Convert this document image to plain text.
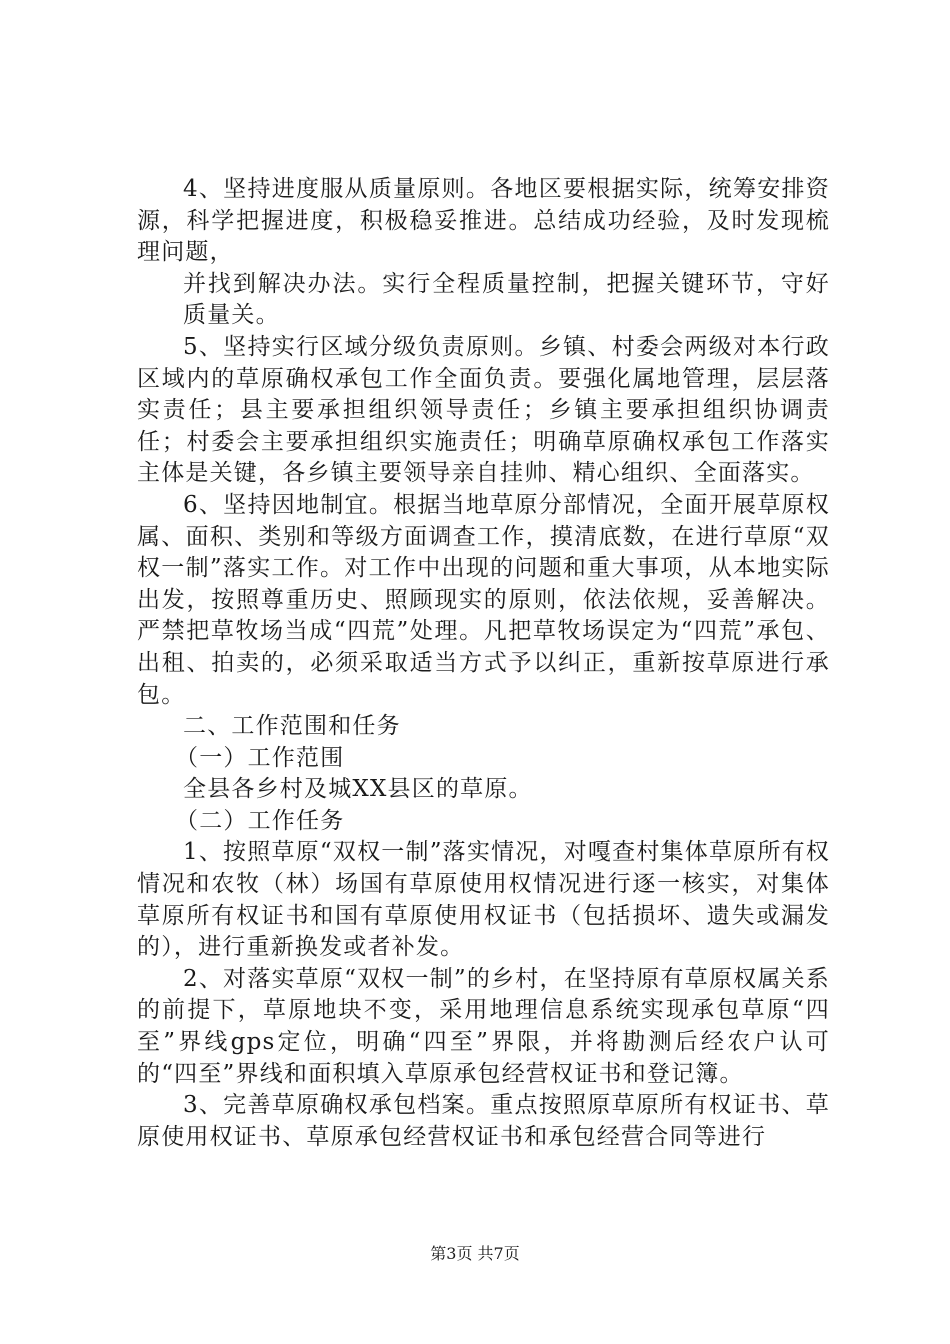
4、坚持进度服从质量原则。各地区要根据实际，统筹安排资源，科学把握进度，积极稳妥推进。总结成功经验，及时发现梳理问题，

并找到解决办法。实行全程质量控制，把握关键环节，守好质量关。

5、坚持实行区域分级负责原则。乡镇、村委会两级对本行政区域内的草原确权承包工作全面负责。要强化属地管理，层层落实责任；县主要承担组织领导责任；乡镇主要承担组织协调责任；村委会主要承担组织实施责任；明确草原确权承包工作落实主体是关键，各乡镇主要领导亲自挂帅、精心组织、全面落实。

6、坚持因地制宜。根据当地草原分部情况，全面开展草原权属、面积、类别和等级方面调查工作，摸清底数，在进行草原“双权一制”落实工作。对工作中出现的问题和重大事项，从本地实际出发，按照尊重历史、照顾现实的原则，依法依规，妥善解决。严禁把草牧场当成“四荒”处理。凡把草牧场误定为“四荒”承包、出租、拍卖的，必须采取适当方式予以纠正，重新按草原进行承包。

二、工作范围和任务

（一）工作范围

全县各乡村及城XX县区的草原。

（二）工作任务

1、按照草原“双权一制”落实情况，对嘎查村集体草原所有权情况和农牧（林）场国有草原使用权情况进行逐一核实，对集体草原所有权证书和国有草原使用权证书（包括损坏、遗失或漏发的），进行重新换发或者补发。

2、对落实草原“双权一制”的乡村，在坚持原有草原权属关系的前提下，草原地块不变，采用地理信息系统实现承包草原“四至”界线gps定位，明确“四至”界限，并将勘测后经农户认可的“四至”界线和面积填入草原承包经营权证书和登记簿。

3、完善草原确权承包档案。重点按照原草原所有权证书、草原使用权证书、草原承包经营权证书和承包经营合同等进行

第3页 共7页
